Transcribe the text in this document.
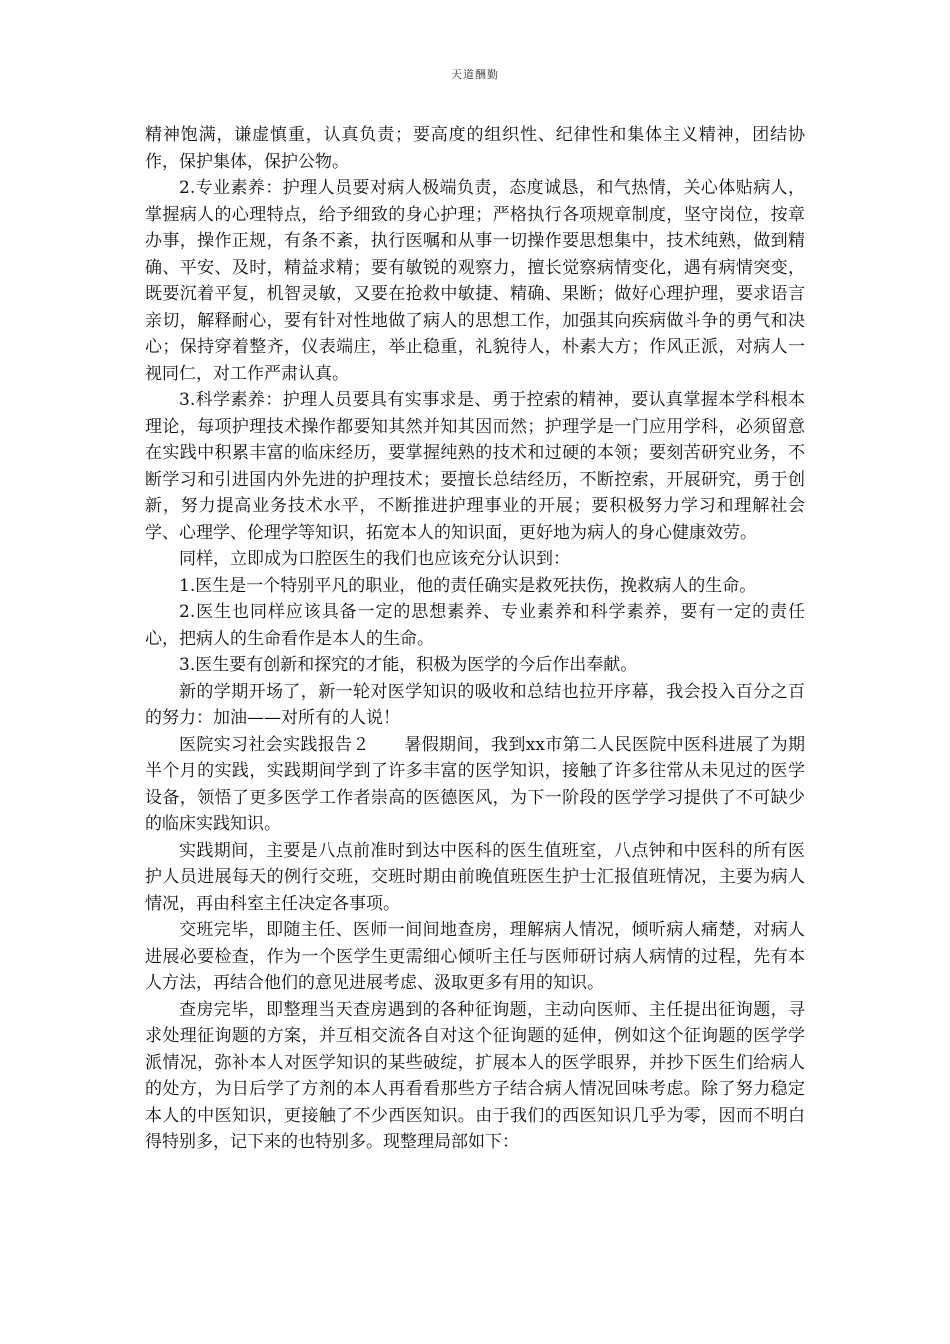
天道酬勤

精神饱满，谦虚慎重，认真负责；要高度的组织性、纪律性和集体主义精神，团结协作，保护集体，保护公物。

2.专业素养：护理人员要对病人极端负责，态度诚恳，和气热情，关心体贴病人，掌握病人的心理特点，给予细致的身心护理；严格执行各项规章制度，坚守岗位，按章办事，操作正规，有条不紊，执行医嘱和从事一切操作要思想集中，技术纯熟，做到精确、平安、及时，精益求精；要有敏锐的观察力，擅长觉察病情变化，遇有病情突变，既要沉着平复，机智灵敏，又要在抢救中敏捷、精确、果断；做好心理护理，要求语言亲切，解释耐心，要有针对性地做了病人的思想工作，加强其向疾病做斗争的勇气和决心；保持穿着整齐，仪表端庄，举止稳重，礼貌待人，朴素大方；作风正派，对病人一视同仁，对工作严肃认真。

3.科学素养：护理人员要具有实事求是、勇于控索的精神，要认真掌握本学科根本理论，每项护理技术操作都要知其然并知其因而然；护理学是一门应用学科，必须留意在实践中积累丰富的临床经历，要掌握纯熟的技术和过硬的本领；要刻苦研究业务，不断学习和引进国内外先进的护理技术；要擅长总结经历，不断控索，开展研究，勇于创新，努力提高业务技术水平，不断推进护理事业的开展；要积极努力学习和理解社会学、心理学、伦理学等知识，拓宽本人的知识面，更好地为病人的身心健康效劳。

同样，立即成为口腔医生的我们也应该充分认识到：

1.医生是一个特别平凡的职业，他的责任确实是救死扶伤，挽救病人的生命。

2.医生也同样应该具备一定的思想素养、专业素养和科学素养，要有一定的责任心，把病人的生命看作是本人的生命。

3.医生要有创新和探究的才能，积极为医学的今后作出奉献。

新的学期开场了，新一轮对医学知识的吸收和总结也拉开序幕，我会投入百分之百的努力：加油——对所有的人说！

医院实习社会实践报告２　　暑假期间，我到xx市第二人民医院中医科进展了为期半个月的实践，实践期间学到了许多丰富的医学知识，接触了许多往常从未见过的医学设备，领悟了更多医学工作者崇高的医德医风，为下一阶段的医学学习提供了不可缺少的临床实践知识。

实践期间，主要是八点前准时到达中医科的医生值班室，八点钟和中医科的所有医护人员进展每天的例行交班，交班时期由前晚值班医生护士汇报值班情况，主要为病人情况，再由科室主任决定各事项。

交班完毕，即随主任、医师一间间地查房，理解病人情况，倾听病人痛楚，对病人进展必要检查，作为一个医学生更需细心倾听主任与医师研讨病人病情的过程，先有本人方法，再结合他们的意见进展考虑、汲取更多有用的知识。

查房完毕，即整理当天查房遇到的各种征询题，主动向医师、主任提出征询题，寻求处理征询题的方案，并互相交流各自对这个征询题的延伸，例如这个征询题的医学学派情况，弥补本人对医学知识的某些破绽，扩展本人的医学眼界，并抄下医生们给病人的处方，为日后学了方剂的本人再看看那些方子结合病人情况回味考虑。除了努力稳定本人的中医知识，更接触了不少西医知识。由于我们的西医知识几乎为零，因而不明白得特别多，记下来的也特别多。现整理局部如下：
